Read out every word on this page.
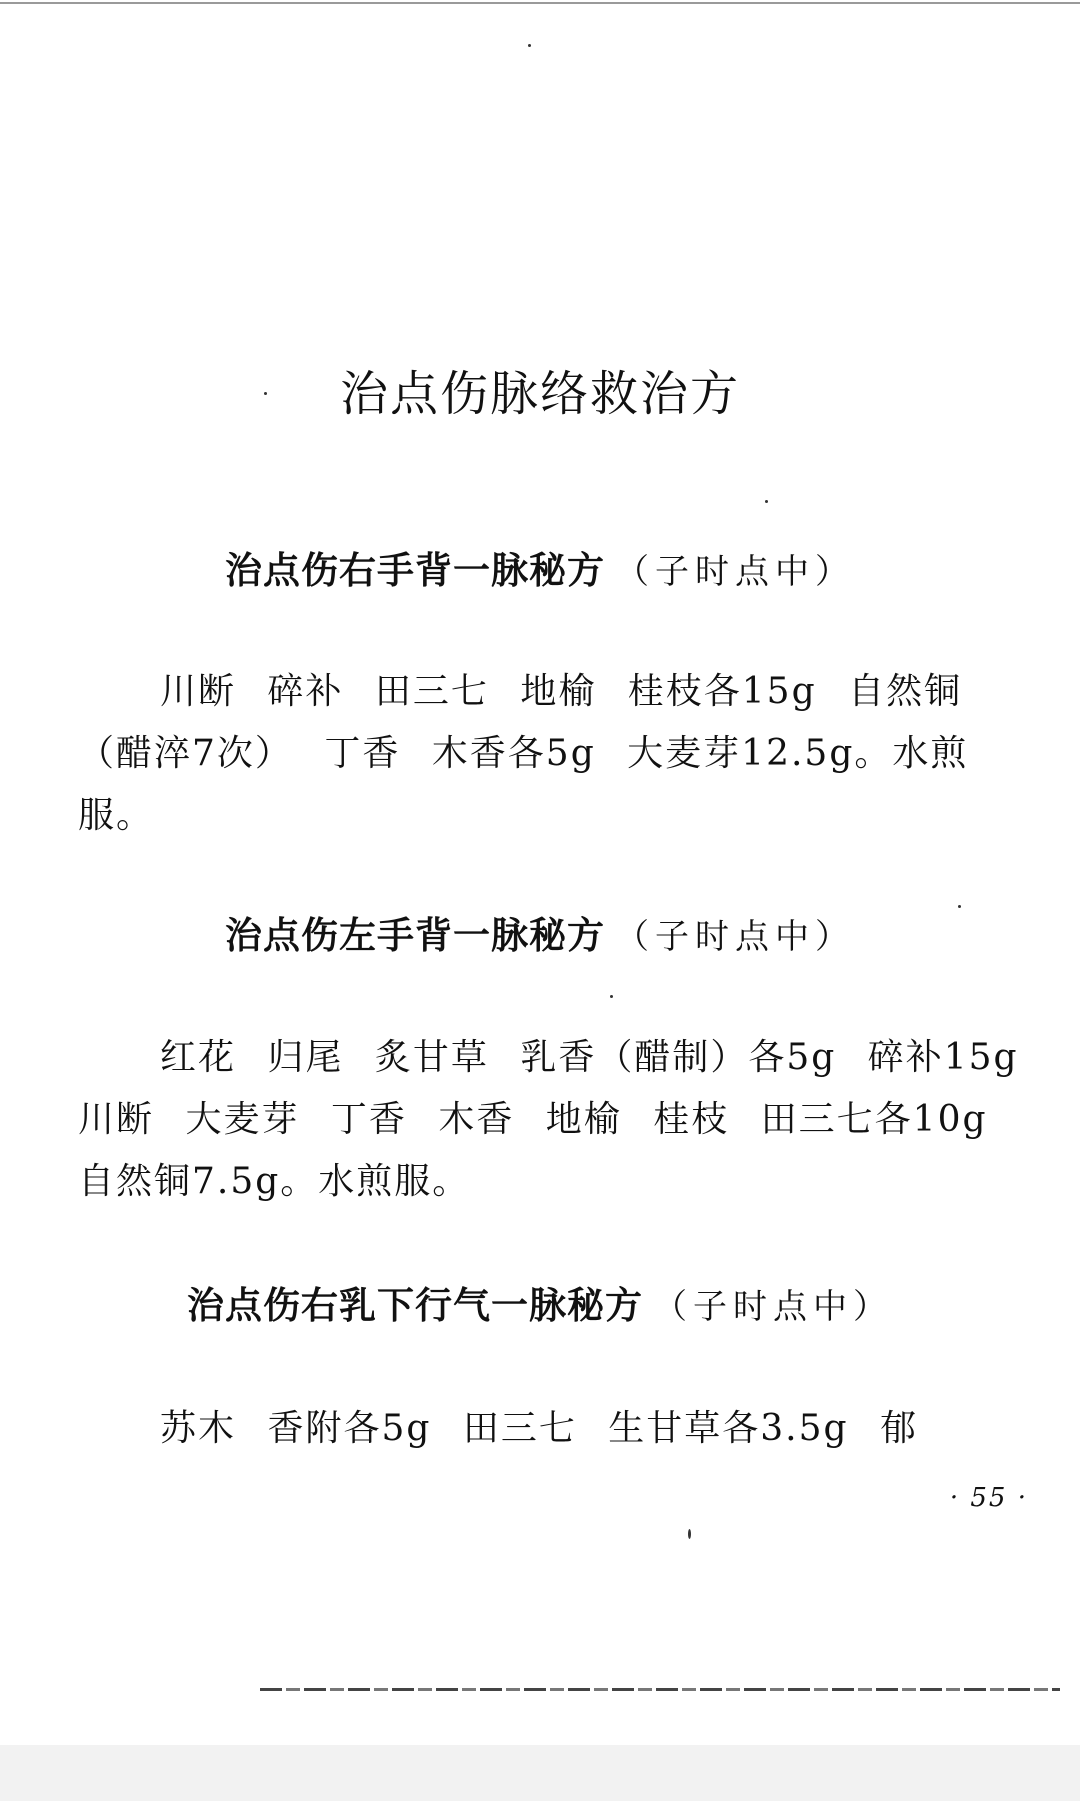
治点伤脉络救治方
治点伤右手背一脉秘方 （子时点中）
川断 碎补 田三七 地榆 桂枝各15g 自然铜（醋淬7次） 丁香 木香各5g 大麦芽12.5g。水煎服。
治点伤左手背一脉秘方 （子时点中）
红花 归尾 炙甘草 乳香（醋制）各5g 碎补15g 川断 大麦芽 丁香 木香 地榆 桂枝 田三七各10g 自然铜7.5g。水煎服。
治点伤右乳下行气一脉秘方 （子时点中）
苏木 香附各5g 田三七 生甘草各3.5g 郁
· 55 ·
